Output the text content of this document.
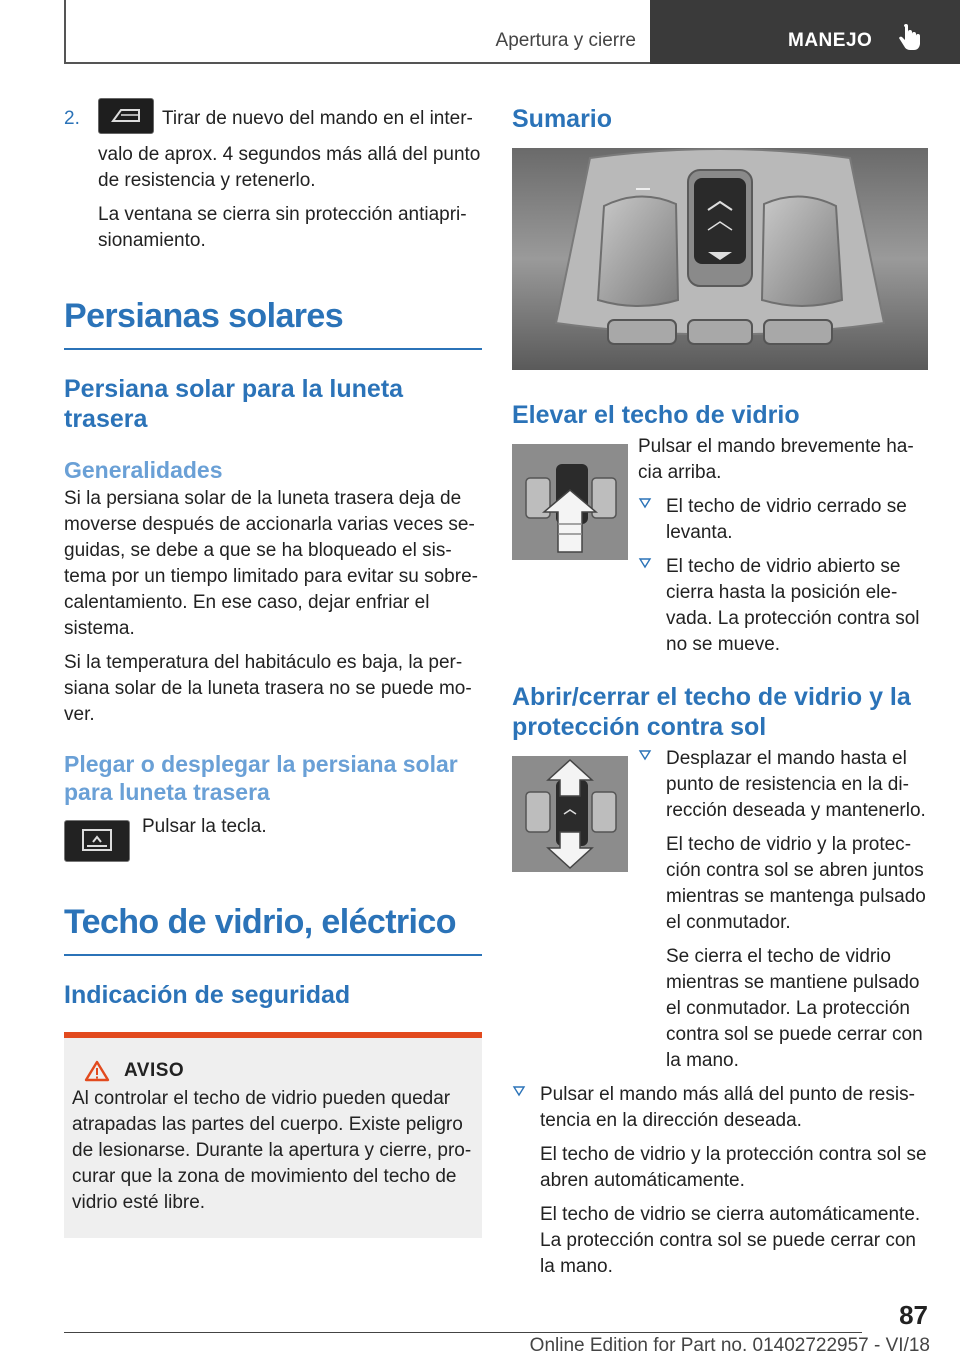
Apertura y cierre	MANEJO
2.	Tirar de nuevo del mando en el intervalo de aprox. 4 segundos más allá del punto de resistencia y retenerlo.

La ventana se cierra sin protección antiaprisionamiento.

Persianas solares
Persiana solar para la luneta trasera
Generalidades

Si la persiana solar de la luneta trasera deja de moverse después de accionarla varias veces seguidas, se debe a que se ha bloqueado el sistema por un tiempo limitado para evitar su sobrecalentamiento. En ese caso, dejar enfriar el sistema.

Si la temperatura del habitáculo es baja, la persiana solar de la luneta trasera no se puede mover.

Plegar o desplegar la persiana solar para luneta trasera

Pulsar la tecla.

Techo de vidrio, eléctrico
Indicación de seguridad
AVISO

Al controlar el techo de vidrio pueden quedar atrapadas las partes del cuerpo. Existe peligro de lesionarse. Durante la apertura y cierre, procurar que la zona de movimiento del techo de vidrio esté libre.

Sumario
Elevar el techo de vidrio

Pulsar el mando brevemente hacia arriba.

El techo de vidrio cerrado se levanta.

El techo de vidrio abierto se cierra hasta la posición elevada. La protección contra sol no se mueve.

Abrir/cerrar el techo de vidrio y la protección contra sol

Desplazar el mando hasta el punto de resistencia en la dirección deseada y mantenerlo.

El techo de vidrio y la protección contra sol se abren juntos mientras se mantenga pulsado el conmutador.

Se cierra el techo de vidrio mientras se mantiene pulsado el conmutador. La protección contra sol se puede cerrar con la mano.

Pulsar el mando más allá del punto de resistencia en la dirección deseada.

El techo de vidrio y la protección contra sol se abren automáticamente.

El techo de vidrio se cierra automáticamente. La protección contra sol se puede cerrar con la mano.

87
Online Edition for Part no. 01402722957 - VI/18
